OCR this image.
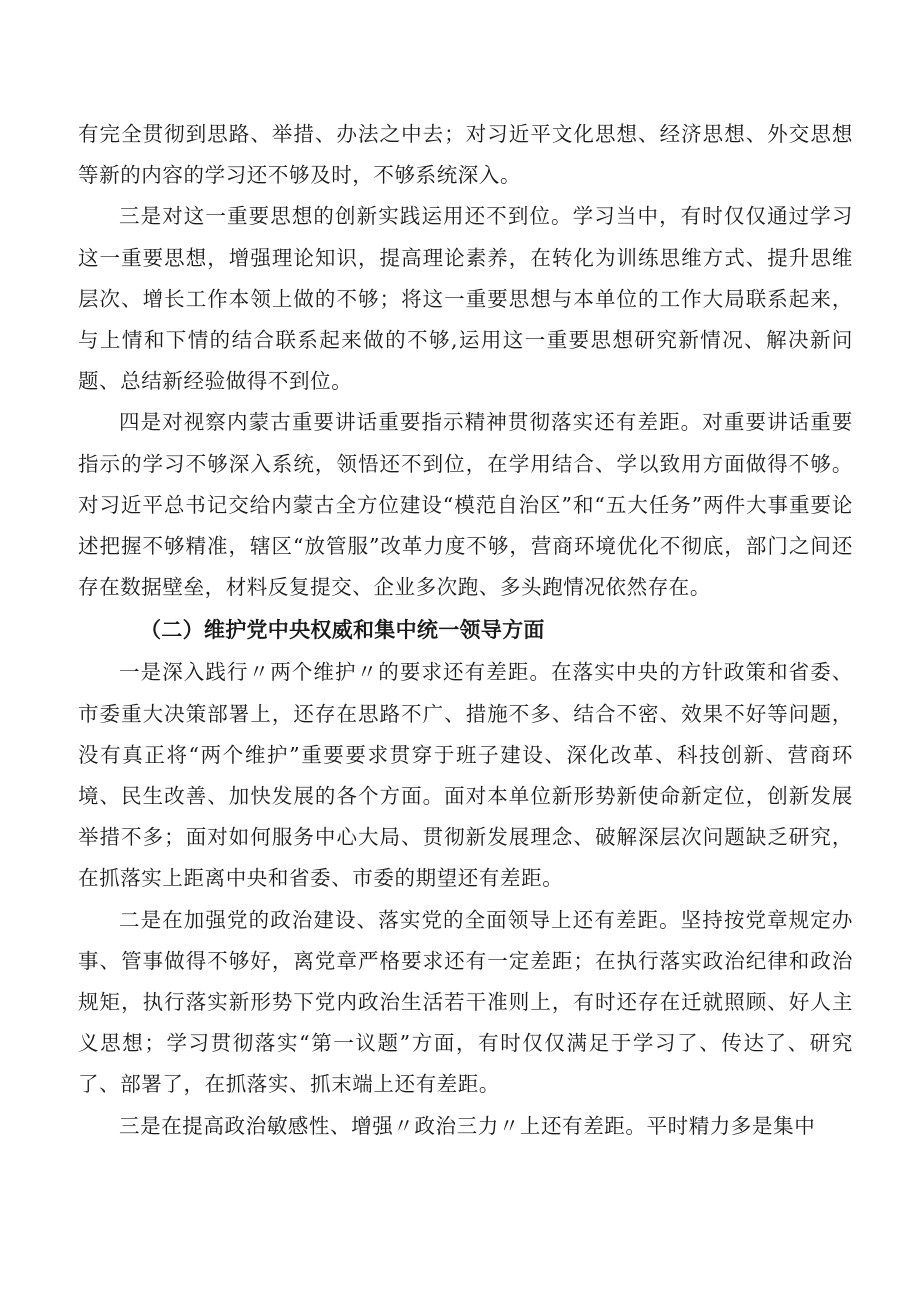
有完全贯彻到思路、举措、办法之中去；对习近平文化思想、经济思想、外交思想等新的内容的学习还不够及时，不够系统深入。

三是对这一重要思想的创新实践运用还不到位。学习当中，有时仅仅通过学习这一重要思想，增强理论知识，提高理论素养，在转化为训练思维方式、提升思维层次、增长工作本领上做的不够；将这一重要思想与本单位的工作大局联系起来，与上情和下情的结合联系起来做的不够,运用这一重要思想研究新情况、解决新问题、总结新经验做得不到位。

四是对视察内蒙古重要讲话重要指示精神贯彻落实还有差距。对重要讲话重要指示的学习不够深入系统，领悟还不到位，在学用结合、学以致用方面做得不够。对习近平总书记交给内蒙古全方位建设“模范自治区”和“五大任务”两件大事重要论述把握不够精准，辖区“放管服”改革力度不够，营商环境优化不彻底，部门之间还存在数据壁垒，材料反复提交、企业多次跑、多头跑情况依然存在。

（二）维护党中央权威和集中统一领导方面

一是深入践行〃两个维护〃的要求还有差距。在落实中央的方针政策和省委、市委重大决策部署上，还存在思路不广、措施不多、结合不密、效果不好等问题，没有真正将“两个维护”重要要求贯穿于班子建设、深化改革、科技创新、营商环境、民生改善、加快发展的各个方面。面对本单位新形势新使命新定位，创新发展举措不多；面对如何服务中心大局、贯彻新发展理念、破解深层次问题缺乏研究，在抓落实上距离中央和省委、市委的期望还有差距。

二是在加强党的政治建设、落实党的全面领导上还有差距。坚持按党章规定办事、管事做得不够好，离党章严格要求还有一定差距；在执行落实政治纪律和政治规矩，执行落实新形势下党内政治生活若干准则上，有时还存在迁就照顾、好人主义思想；学习贯彻落实“第一议题”方面，有时仅仅满足于学习了、传达了、研究了、部署了，在抓落实、抓末端上还有差距。

三是在提高政治敏感性、增强〃政治三力〃上还有差距。平时精力多是集中
